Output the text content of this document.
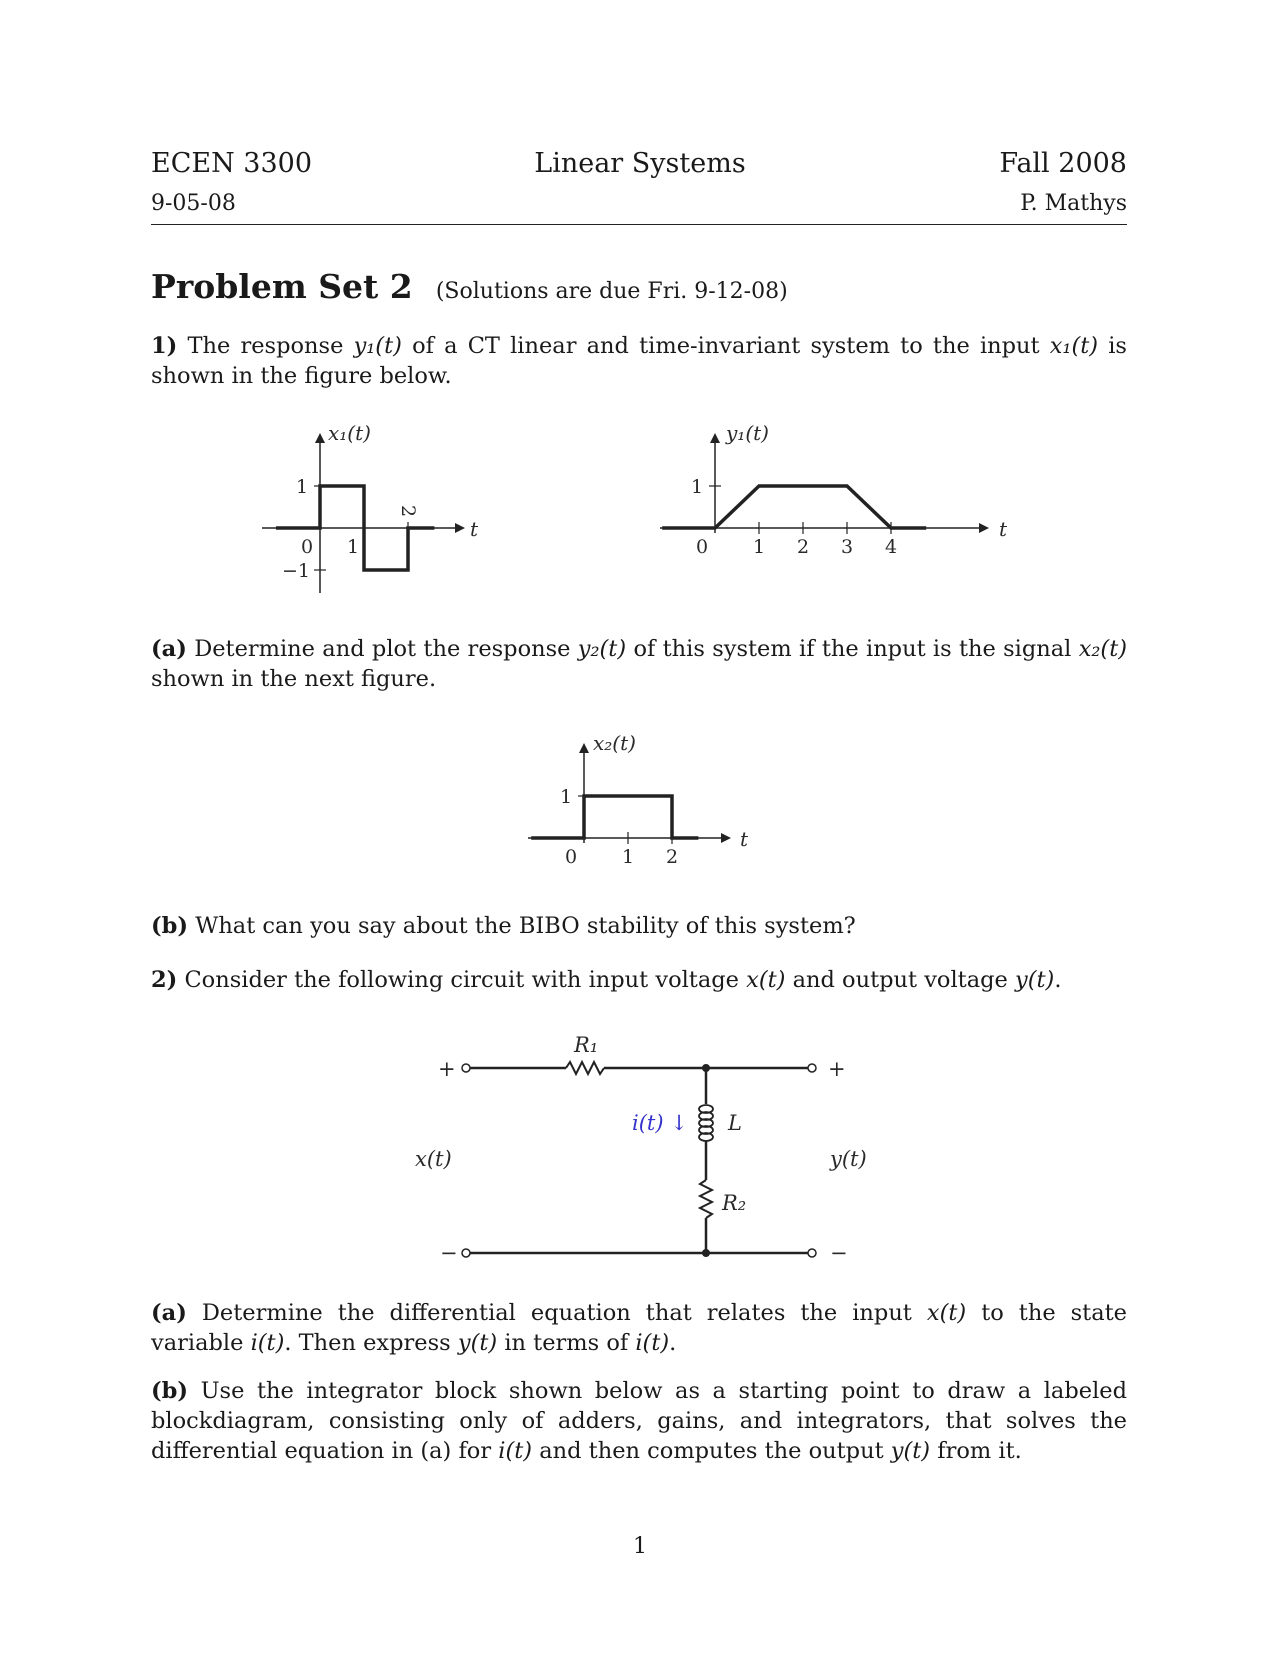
ECEN 3300	Linear Systems	Fall 2008
9-05-08	P. Mathys
Problem Set 2 (Solutions are due Fri. 9-12-08)
1) The response y₁(t) of a CT linear and time-invariant system to the input x₁(t) is shown in the figure below.
x₁(t)
t
1
−1
0 1
2
y₁(t)
t
1
0 1 2 3 4
(a) Determine and plot the response y₂(t) of this system if the input is the signal x₂(t) shown in the next figure.
x₂(t)
t
1
0 1 2
(b) What can you say about the BIBO stability of this system?
2) Consider the following circuit with input voltage x(t) and output voltage y(t).
R₁
L
R₂
i(t) ↓
x(t)	y(t)
+
−
+
−
(a) Determine the differential equation that relates the input x(t) to the state variable i(t). Then express y(t) in terms of i(t).
(b) Use the integrator block shown below as a starting point to draw a labeled blockdiagram, consisting only of adders, gains, and integrators, that solves the differential equation in (a) for i(t) and then computes the output y(t) from it.
1
